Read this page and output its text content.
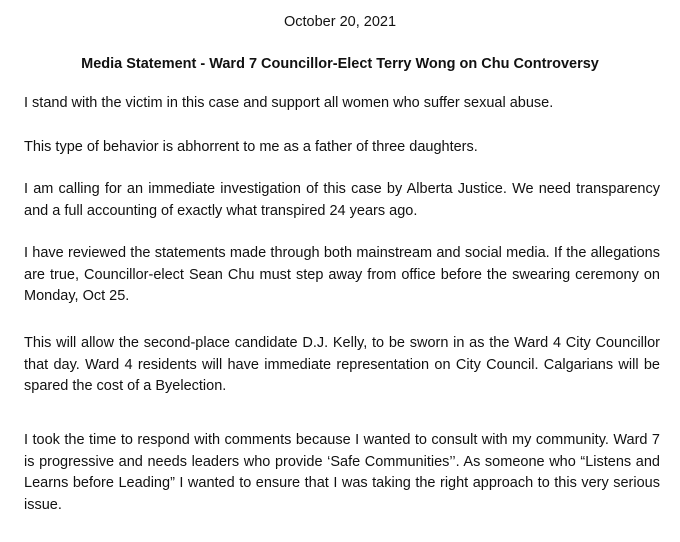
October 20, 2021
Media Statement - Ward 7 Councillor-Elect Terry Wong on Chu Controversy

I stand with the victim in this case and support all women who suffer sexual abuse.

This type of behavior is abhorrent to me as a father of three daughters.

I am calling for an immediate investigation of this case by Alberta Justice. We need transparency and a full accounting of exactly what transpired 24 years ago.

I have reviewed the statements made through both mainstream and social media. If the allegations are true, Councillor-elect Sean Chu must step away from office before the swearing ceremony on Monday, Oct 25.

This will allow the second-place candidate D.J. Kelly, to be sworn in as the Ward 4 City Councillor that day. Ward 4 residents will have immediate representation on City Council. Calgarians will be spared the cost of a Byelection.

I took the time to respond with comments because I wanted to consult with my community. Ward 7 is progressive and needs leaders who provide ‘Safe Communities’’. As someone who “Listens and Learns before Leading” I wanted to ensure that I was taking the right approach to this very serious issue.
